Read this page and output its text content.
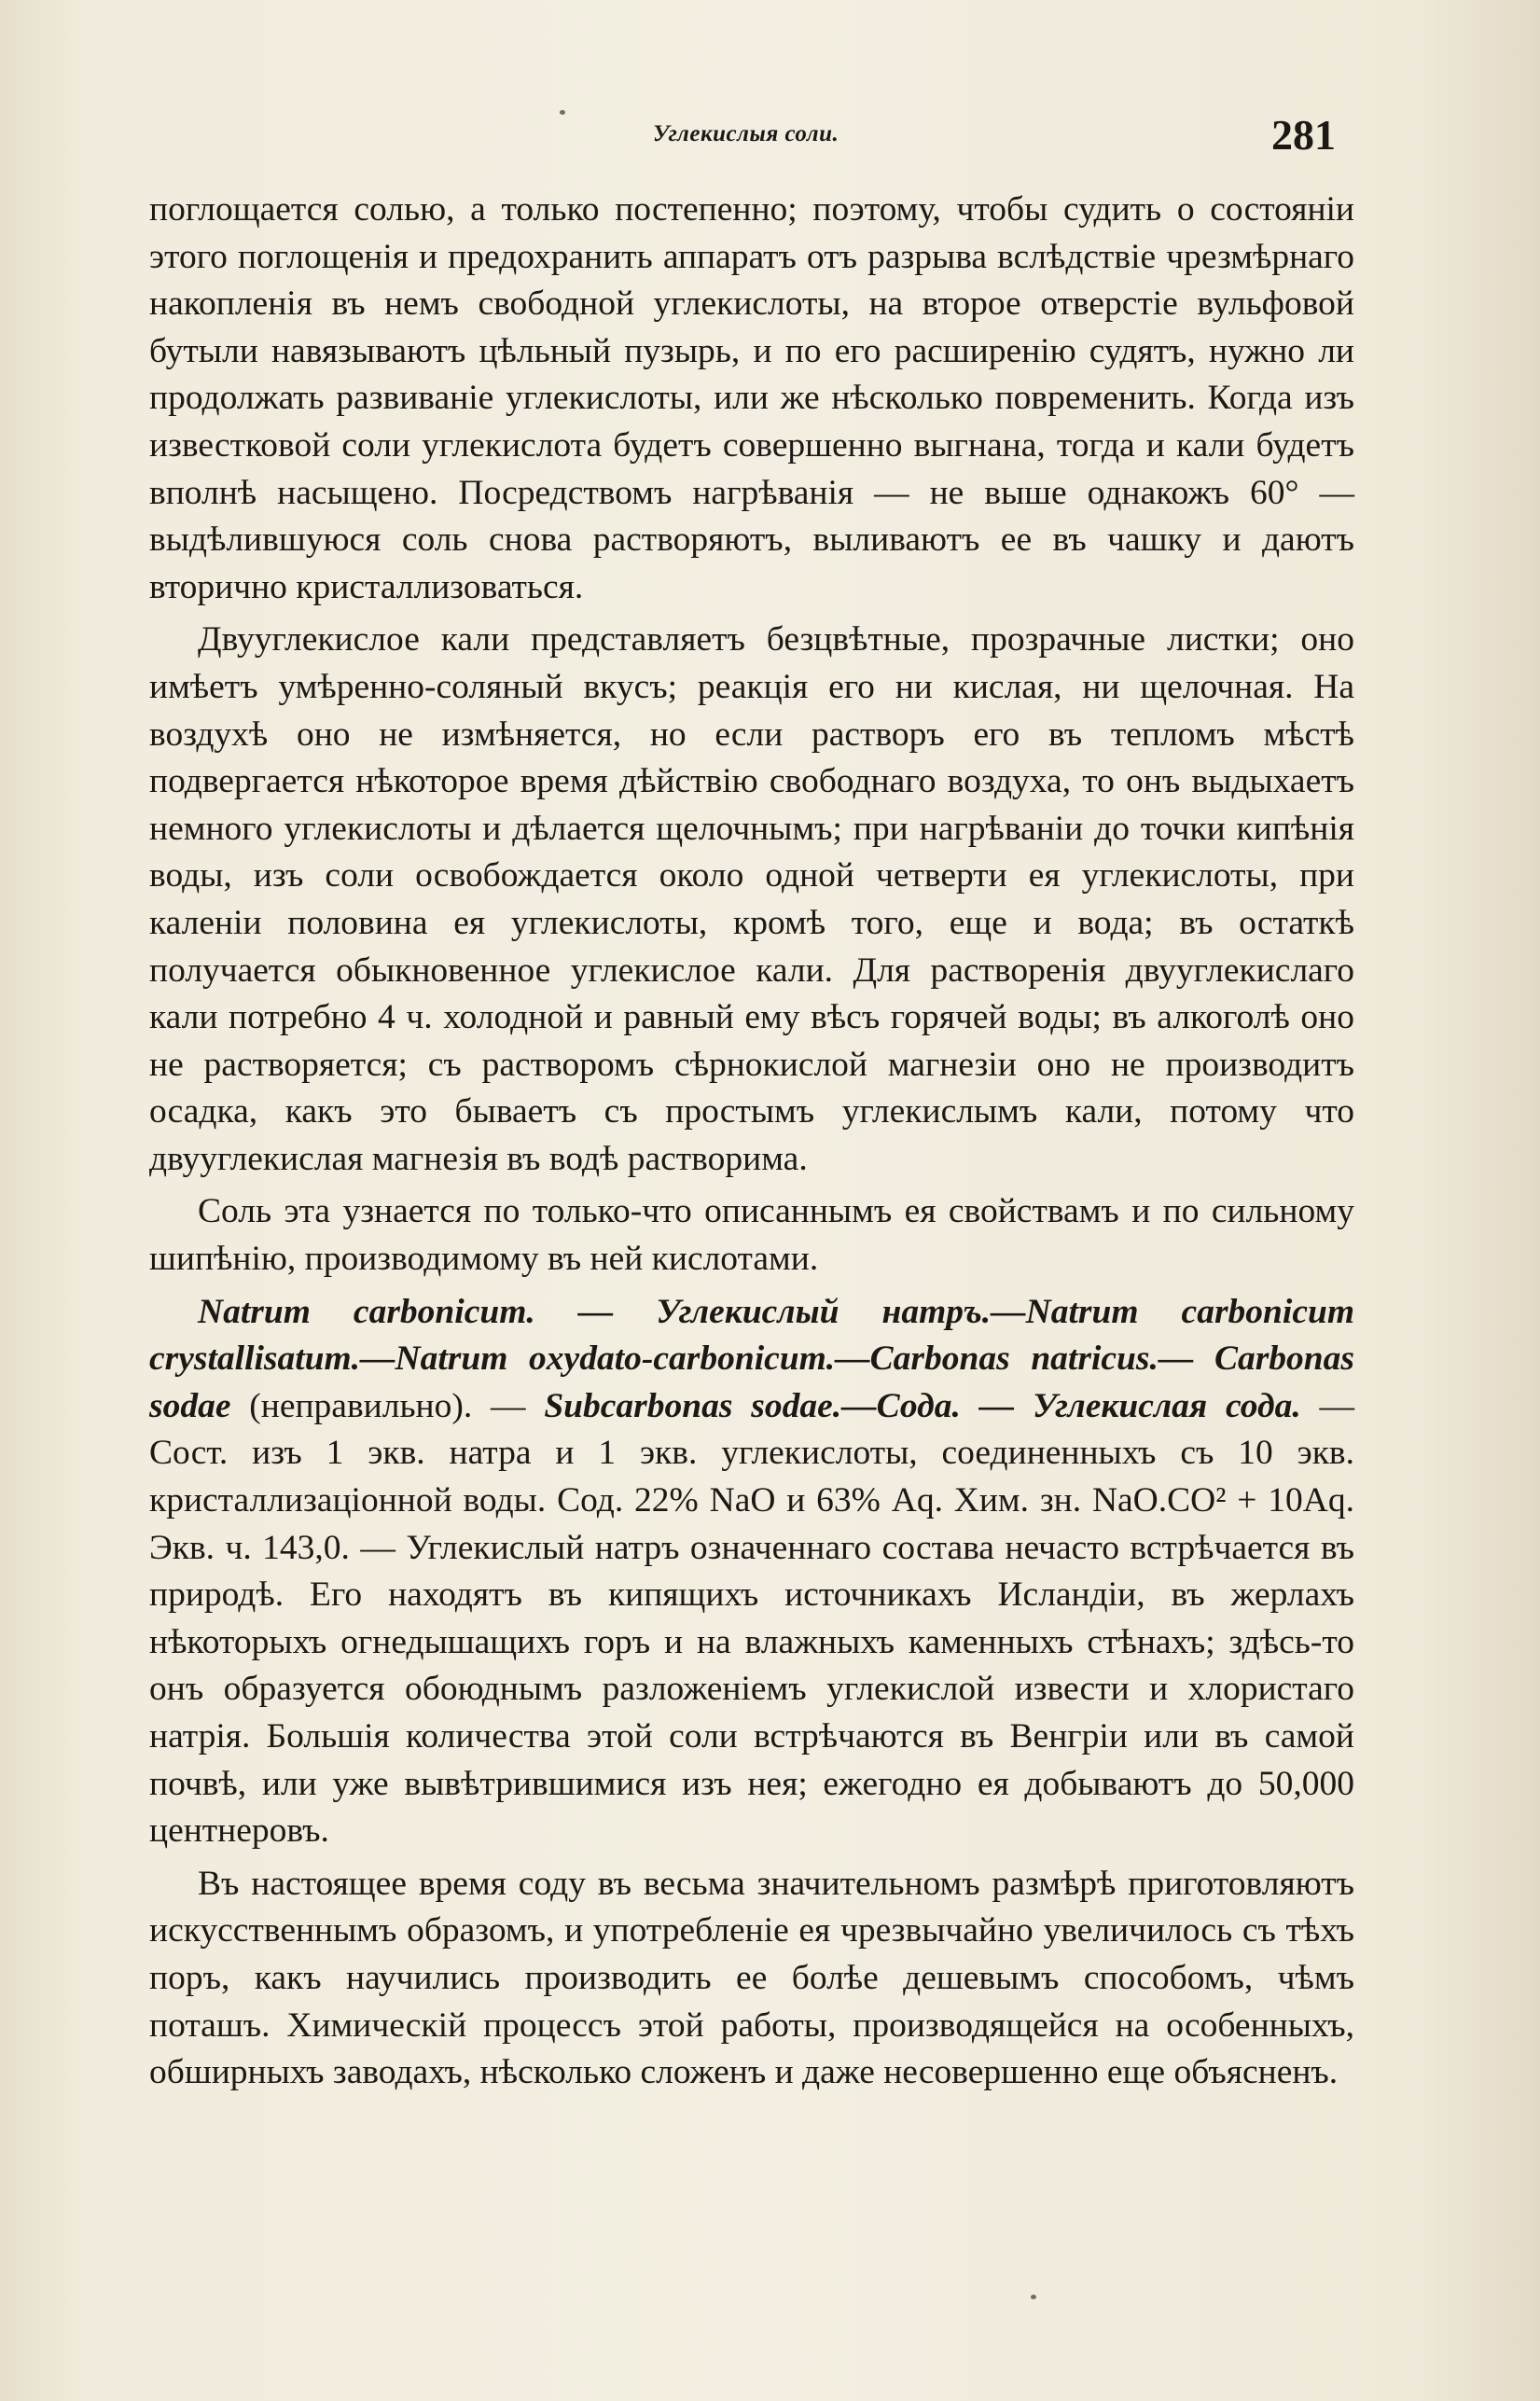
Углекислыя соли.	281

поглощается солью, а только постепенно; поэтому, чтобы судить о состоянiи этого поглощенiя и предохранить аппаратъ отъ разрыва вслѣдствiе чрезмѣрнаго накопленiя въ немъ свободной углекислоты, на второе отверстiе вульфовой бутыли навязываютъ цѣльный пузырь, и по его расширенiю судятъ, нужно ли продолжать развиванiе углекислоты, или же нѣсколько повременить. Когда изъ известковой соли углекислота будетъ совершенно выгнана, тогда и кали будетъ вполнѣ насыщено. Посредствомъ нагрѣванiя — не выше однакожъ 60° — выдѣлившуюся соль снова растворяютъ, выливаютъ ее въ чашку и даютъ вторично кристаллизоваться.

Двууглекислое кали представляетъ безцвѣтные, прозрачные листки; оно имѣетъ умѣренно-соляный вкусъ; реакцiя его ни кислая, ни щелочная. На воздухѣ оно не измѣняется, но если растворъ его въ тепломъ мѣстѣ подвергается нѣкоторое время дѣйствiю свободнаго воздуха, то онъ выдыхаетъ немного углекислоты и дѣлается щелочнымъ; при нагрѣванiи до точки кипѣнiя воды, изъ соли освобождается около одной четверти ея углекислоты, при каленiи половина ея углекислоты, кромѣ того, еще и вода; въ остаткѣ получается обыкновенное углекислое кали. Для растворенiя двууглекислаго кали потребно 4 ч. холодной и равный ему вѣсъ горячей воды; въ алкоголѣ оно не растворяется; съ растворомъ сѣрнокислой магнезiи оно не производитъ осадка, какъ это бываетъ съ простымъ углекислымъ кали, потому что двууглекислая магнезiя въ водѣ растворима.

Соль эта узнается по только-что описаннымъ ея свойствамъ и по сильному шипѣнiю, производимому въ ней кислотами.

Natrum carbonicum. — Углекислый натръ.—Natrum carbonicum crystallisatum.—Natrum oxydato-carbonicum.—Carbonas natricus.— Carbonas sodae (неправильно). — Subcarbonas sodae.—Сода. — Углекислая сода. — Сост. изъ 1 экв. натра и 1 экв. углекислоты, соединенныхъ съ 10 экв. кристаллизацiонной воды. Сод. 22% NaO и 63% Aq. Хим. зн. NaO.CO² + 10Aq. Экв. ч. 143,0. — Углекислый натръ означеннаго состава нечасто встрѣчается въ природѣ. Его находятъ въ кипящихъ источникахъ Исландiи, въ жерлахъ нѣкоторыхъ огнедышащихъ горъ и на влажныхъ каменныхъ стѣнахъ; здѣсь-то онъ образуется обоюднымъ разложенiемъ углекислой извести и хлористаго натрiя. Большiя количества этой соли встрѣчаются въ Венгрiи или въ самой почвѣ, или уже вывѣтрившимися изъ нея; ежегодно ея добываютъ до 50,000 центнеровъ.

Въ настоящее время соду въ весьма значительномъ размѣрѣ приготовляютъ искусственнымъ образомъ, и употребленiе ея чрезвычайно увеличилось съ тѣхъ поръ, какъ научились производить ее болѣе дешевымъ способомъ, чѣмъ поташъ. Химическiй процессъ этой работы, производящейся на особенныхъ, обширныхъ заводахъ, нѣсколько сложенъ и даже несовершенно еще объясненъ.
